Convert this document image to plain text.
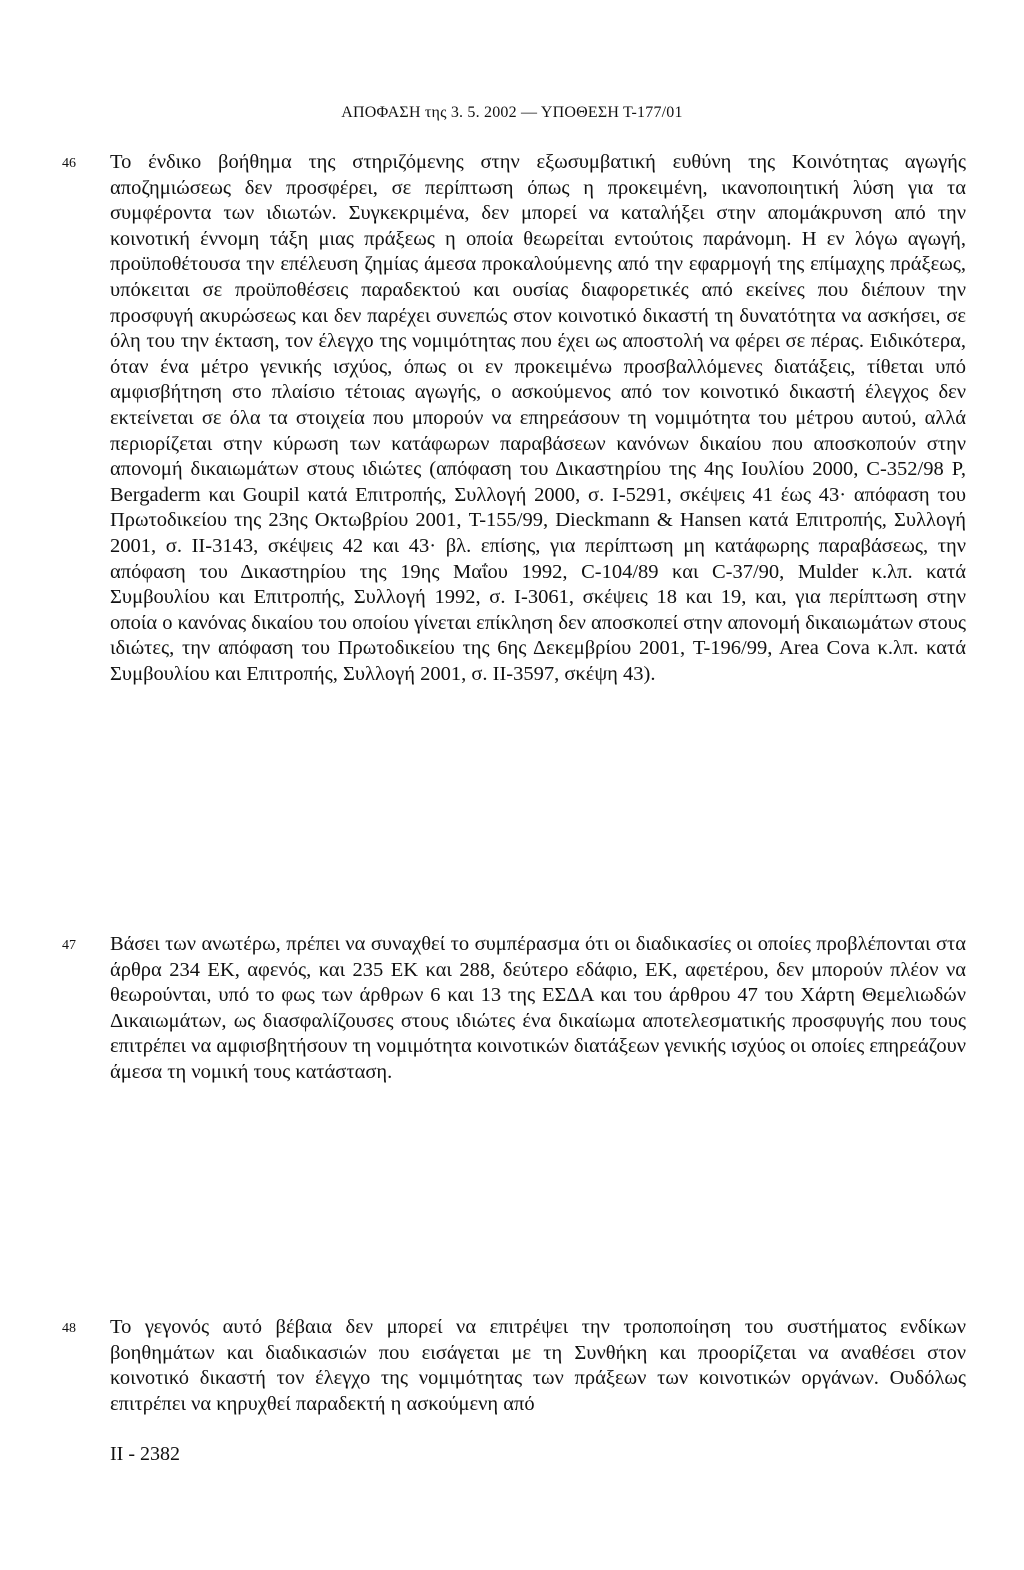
ΑΠΟΦΑΣΗ της 3. 5. 2002 — ΥΠΟΘΕΣΗ Τ-177/01
46 Το ένδικο βοήθημα της στηριζόμενης στην εξωσυμβατική ευθύνη της Κοινότητας αγωγής αποζημιώσεως δεν προσφέρει, σε περίπτωση όπως η προκειμένη, ικανοποιητική λύση για τα συμφέροντα των ιδιωτών. Συγκεκριμένα, δεν μπορεί να καταλήξει στην απομάκρυνση από την κοινοτική έννομη τάξη μιας πράξεως η οποία θεωρείται εντούτοις παράνομη. Η εν λόγω αγωγή, προϋποθέτουσα την επέλευση ζημίας άμεσα προκαλούμενης από την εφαρμογή της επίμαχης πράξεως, υπόκειται σε προϋποθέσεις παραδεκτού και ουσίας διαφορετικές από εκείνες που διέπουν την προσφυγή ακυρώσεως και δεν παρέχει συνεπώς στον κοινοτικό δικαστή τη δυνατότητα να ασκήσει, σε όλη του την έκταση, τον έλεγχο της νομιμότητας που έχει ως αποστολή να φέρει σε πέρας. Ειδικότερα, όταν ένα μέτρο γενικής ισχύος, όπως οι εν προκειμένω προσβαλλόμενες διατάξεις, τίθεται υπό αμφισβήτηση στο πλαίσιο τέτοιας αγωγής, ο ασκούμενος από τον κοινοτικό δικαστή έλεγχος δεν εκτείνεται σε όλα τα στοιχεία που μπορούν να επηρεάσουν τη νομιμότητα του μέτρου αυτού, αλλά περιορίζεται στην κύρωση των κατάφωρων παραβάσεων κανόνων δικαίου που αποσκοπούν στην απονομή δικαιωμάτων στους ιδιώτες (απόφαση του Δικαστηρίου της 4ης Ιουλίου 2000, C-352/98 P, Bergaderm και Goupil κατά Επιτροπής, Συλλογή 2000, σ. I-5291, σκέψεις 41 έως 43· απόφαση του Πρωτοδικείου της 23ης Οκτωβρίου 2001, T-155/99, Dieckmann & Hansen κατά Επιτροπής, Συλλογή 2001, σ. II-3143, σκέψεις 42 και 43· βλ. επίσης, για περίπτωση μη κατάφωρης παραβάσεως, την απόφαση του Δικαστηρίου της 19ης Μαΐου 1992, C-104/89 και C-37/90, Mulder κ.λπ. κατά Συμβουλίου και Επιτροπής, Συλλογή 1992, σ. I-3061, σκέψεις 18 και 19, και, για περίπτωση στην οποία ο κανόνας δικαίου του οποίου γίνεται επίκληση δεν αποσκοπεί στην απονομή δικαιωμάτων στους ιδιώτες, την απόφαση του Πρωτοδικείου της 6ης Δεκεμβρίου 2001, T-196/99, Area Cova κ.λπ. κατά Συμβουλίου και Επιτροπής, Συλλογή 2001, σ. II-3597, σκέψη 43).
47 Βάσει των ανωτέρω, πρέπει να συναχθεί το συμπέρασμα ότι οι διαδικασίες οι οποίες προβλέπονται στα άρθρα 234 ΕΚ, αφενός, και 235 ΕΚ και 288, δεύτερο εδάφιο, ΕΚ, αφετέρου, δεν μπορούν πλέον να θεωρούνται, υπό το φως των άρθρων 6 και 13 της ΕΣΔΑ και του άρθρου 47 του Χάρτη Θεμελιωδών Δικαιωμάτων, ως διασφαλίζουσες στους ιδιώτες ένα δικαίωμα αποτελεσματικής προσφυγής που τους επιτρέπει να αμφισβητήσουν τη νομιμότητα κοινοτικών διατάξεων γενικής ισχύος οι οποίες επηρεάζουν άμεσα τη νομική τους κατάσταση.
48 Το γεγονός αυτό βέβαια δεν μπορεί να επιτρέψει την τροποποίηση του συστήματος ενδίκων βοηθημάτων και διαδικασιών που εισάγεται με τη Συνθήκη και προορίζεται να αναθέσει στον κοινοτικό δικαστή τον έλεγχο της νομιμότητας των πράξεων των κοινοτικών οργάνων. Ουδόλως επιτρέπει να κηρυχθεί παραδεκτή η ασκούμενη από
II - 2382
